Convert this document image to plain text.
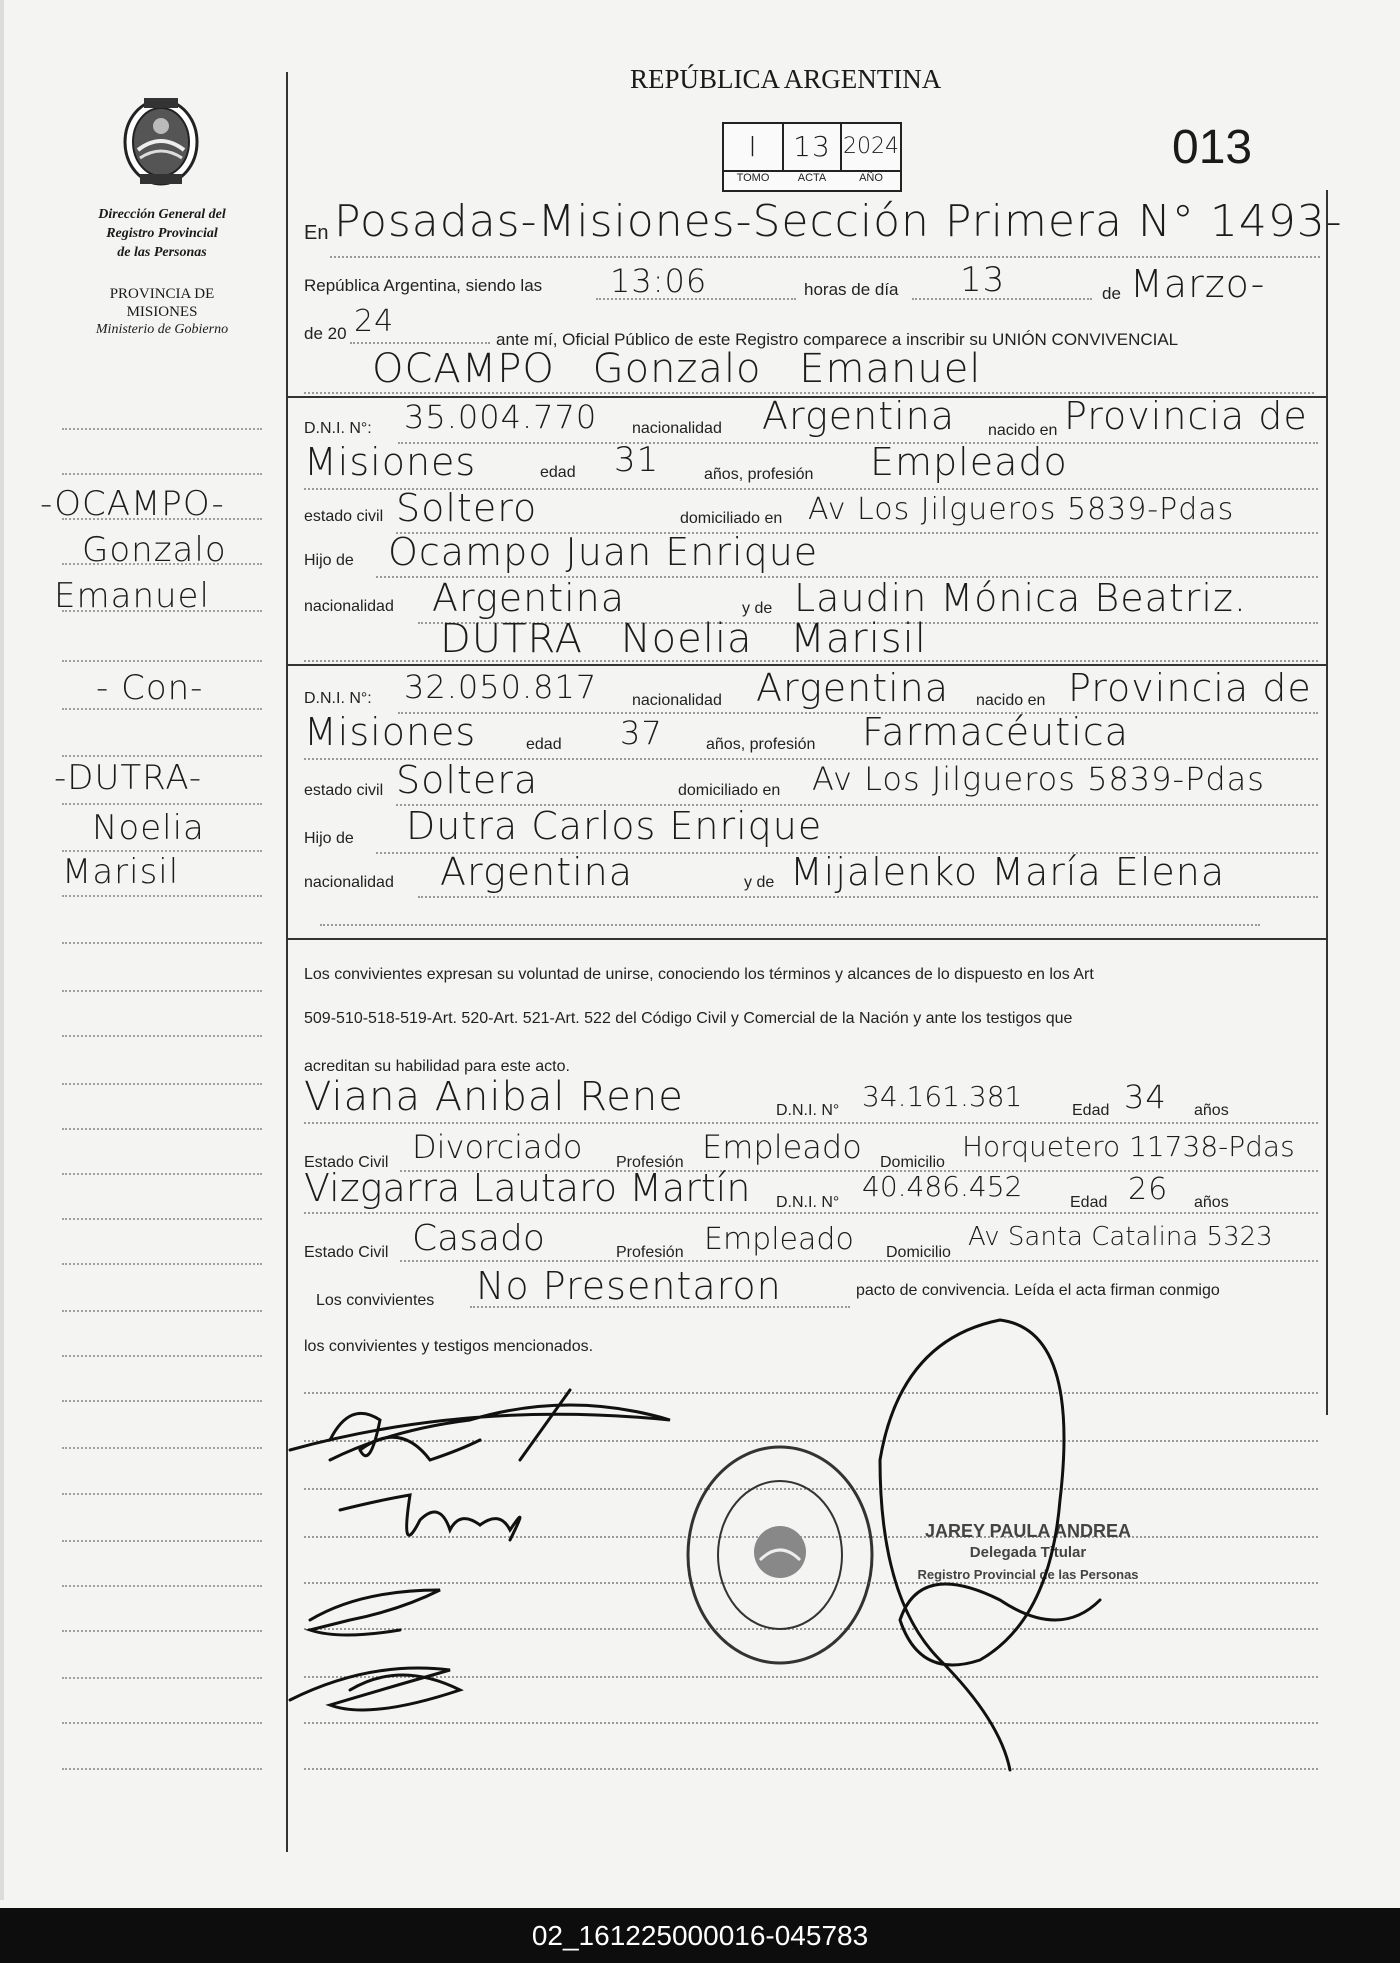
Dirección General del
Registro Provincial
de las Personas
PROVINCIA DE
MISIONES
Ministerio de Gobierno
-OCAMPO-
Gonzalo
Emanuel
- Con-
-DUTRA-
Noelia
Marisil
REPÚBLICA ARGENTINA
I	13 2024
TOMO	ACTA	AÑO
013
En Posadas-Misiones-Sección Primera N° 1493-
República Argentina, siendo las 13:06	horas de día 13	de Marzo-
de 20 24
ante mí, Oficial Público de este Registro comparece a inscribir su UNIÓN CONVIVENCIAL
OCAMPO Gonzalo Emanuel
D.N.I. N°: 35.004.770 nacionalidad Argentina nacido en Provincia de
Misiones	edad 31	años, profesión Empleado
estado civil Soltero	domiciliado en Av Los Jilgueros 5839-Pdas
Hijo de Ocampo Juan Enrique
nacionalidad Argentina	y de Laudin Mónica Beatriz.
DUTRA Noelia Marisil
D.N.I. N°: 32.050.817 nacionalidad Argentina nacido en Provincia de
Misiones	edad 37	años, profesión Farmacéutica
estado civil Soltera	domiciliado en Av Los Jilgueros 5839-Pdas
Hijo de Dutra Carlos Enrique
nacionalidad Argentina	y de Mijalenko María Elena
Los convivientes expresan su voluntad de unirse, conociendo los términos y alcances de lo dispuesto en los Art
509-510-518-519-Art. 520-Art. 521-Art. 522 del Código Civil y Comercial de la Nación y ante los testigos que
acreditan su habilidad para este acto.
Viana Anibal Rene	D.N.I. N° 34.161.381	Edad 34 años
Estado Civil Divorciado Profesión Empleado Domicilio Horquetero 11738-Pdas
Vizgarra Lautaro Martín D.N.I. N° 40.486.452	Edad 26 años
Estado Civil Casado	Profesión Empleado Domicilio
Av Santa Catalina 5323
Los convivientes No Presentaron	pacto de convivencia. Leída el acta firman conmigo
los convivientes y testigos mencionados.
JAREY PAULA ANDREA
Delegada Titular
Registro Provincial de las Personas
02_161225000016-045783
